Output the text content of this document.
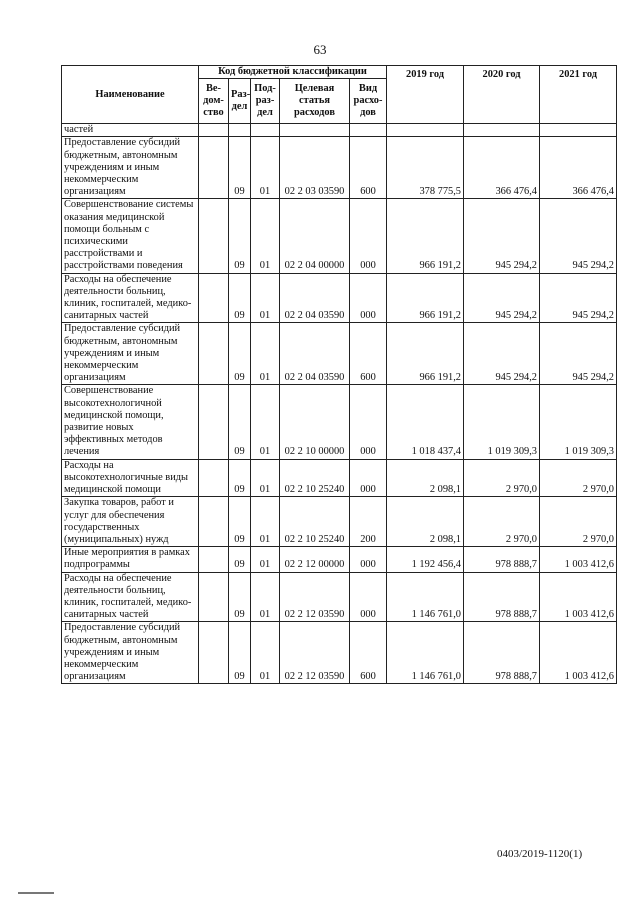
63
Наименование	Код бюджетной классификации					2019 год	2020 год	2021 год
	Ве-дом-ство	Раз-дел	Под-раз-дел	Целевая статья расходов	Вид расхо-дов			
частей								
Предоставление субсидий бюджетным, автономным учреждениям и иным некоммерческим организациям		09	01	02 2 03 03590	600	378 775,5	366 476,4	366 476,4
Совершенствование системы оказания медицинской помощи больным с психическими расстройствами и расстройствами поведения		09	01	02 2 04 00000	000	966 191,2	945 294,2	945 294,2
Расходы на обеспечение деятельности больниц, клиник, госпиталей, медико-санитарных частей		09	01	02 2 04 03590	000	966 191,2	945 294,2	945 294,2
Предоставление субсидий бюджетным, автономным учреждениям и иным некоммерческим организациям		09	01	02 2 04 03590	600	966 191,2	945 294,2	945 294,2
Совершенствование высокотехнологичной медицинской помощи, развитие новых эффективных методов лечения		09	01	02 2 10 00000	000	1 018 437,4	1 019 309,3	1 019 309,3
Расходы на высокотехнологичные виды медицинской помощи		09	01	02 2 10 25240	000	2 098,1	2 970,0	2 970,0
Закупка товаров, работ и услуг для обеспечения государственных (муниципальных) нужд		09	01	02 2 10 25240	200	2 098,1	2 970,0	2 970,0
Иные мероприятия в рамках подпрограммы		09	01	02 2 12 00000	000	1 192 456,4	978 888,7	1 003 412,6
Расходы на обеспечение деятельности больниц, клиник, госпиталей, медико-санитарных частей		09	01	02 2 12 03590	000	1 146 761,0	978 888,7	1 003 412,6
Предоставление субсидий бюджетным, автономным учреждениям и иным некоммерческим организациям		09	01	02 2 12 03590	600	1 146 761,0	978 888,7	1 003 412,6
0403/2019-1120(1)
